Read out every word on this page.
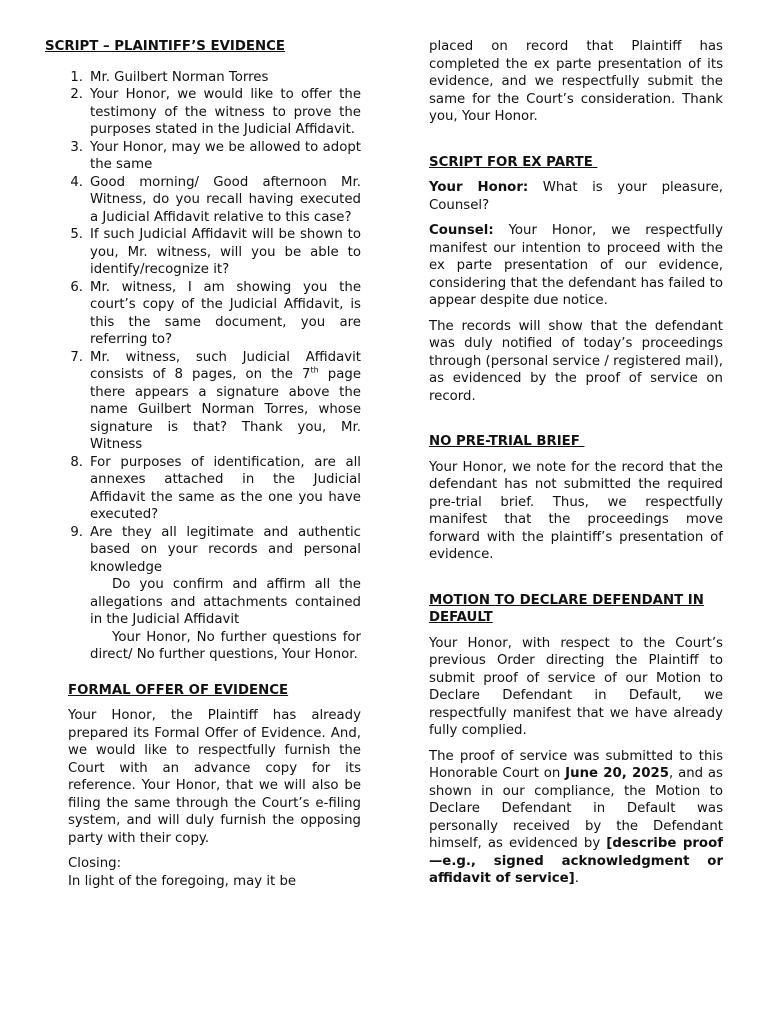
SCRIPT – PLAINTIFF’S EVIDENCE

1. Mr. Guilbert Norman Torres
2. Your Honor, we would like to offer the testimony of the witness to prove the purposes stated in the Judicial Affidavit.
3. Your Honor, may we be allowed to adopt the same
4. Good morning/ Good afternoon Mr. Witness, do you recall having executed a Judicial Affidavit relative to this case?
5. If such Judicial Affidavit will be shown to you, Mr. witness, will you be able to identify/recognize it?
6. Mr. witness, I am showing you the court’s copy of the Judicial Affidavit, is this the same document, you are referring to?
7. Mr. witness, such Judicial Affidavit consists of 8 pages, on the 7th page there appears a signature above the name Guilbert Norman Torres, whose signature is that? Thank you, Mr. Witness
8. For purposes of identification, are all annexes attached in the Judicial Affidavit the same as the one you have executed?
9. Are they all legitimate and authentic based on your records and personal knowledge
Do you confirm and affirm all the allegations and attachments contained in the Judicial Affidavit
Your Honor, No further questions for direct/ No further questions, Your Honor.

FORMAL OFFER OF EVIDENCE

Your Honor, the Plaintiff has already prepared its Formal Offer of Evidence. And, we would like to respectfully furnish the Court with an advance copy for its reference. Your Honor, that we will also be filing the same through the Court’s e-filing system, and will duly furnish the opposing party with their copy.

Closing:

In light of the foregoing, may it be

placed on record that Plaintiff has completed the ex parte presentation of its evidence, and we respectfully submit the same for the Court’s consideration. Thank you, Your Honor.

SCRIPT FOR EX PARTE

Your Honor: What is your pleasure, Counsel?

Counsel: Your Honor, we respectfully manifest our intention to proceed with the ex parte presentation of our evidence, considering that the defendant has failed to appear despite due notice.

The records will show that the defendant was duly notified of today’s proceedings through (personal service / registered mail), as evidenced by the proof of service on record.

NO PRE-TRIAL BRIEF

Your Honor, we note for the record that the defendant has not submitted the required pre-trial brief. Thus, we respectfully manifest that the proceedings move forward with the plaintiff’s presentation of evidence.

MOTION TO DECLARE DEFENDANT IN DEFAULT

Your Honor, with respect to the Court’s previous Order directing the Plaintiff to submit proof of service of our Motion to Declare Defendant in Default, we respectfully manifest that we have already fully complied.

The proof of service was submitted to this Honorable Court on June 20, 2025, and as shown in our compliance, the Motion to Declare Defendant in Default was personally received by the Defendant himself, as evidenced by [describe proof—e.g., signed acknowledgment or affidavit of service].
